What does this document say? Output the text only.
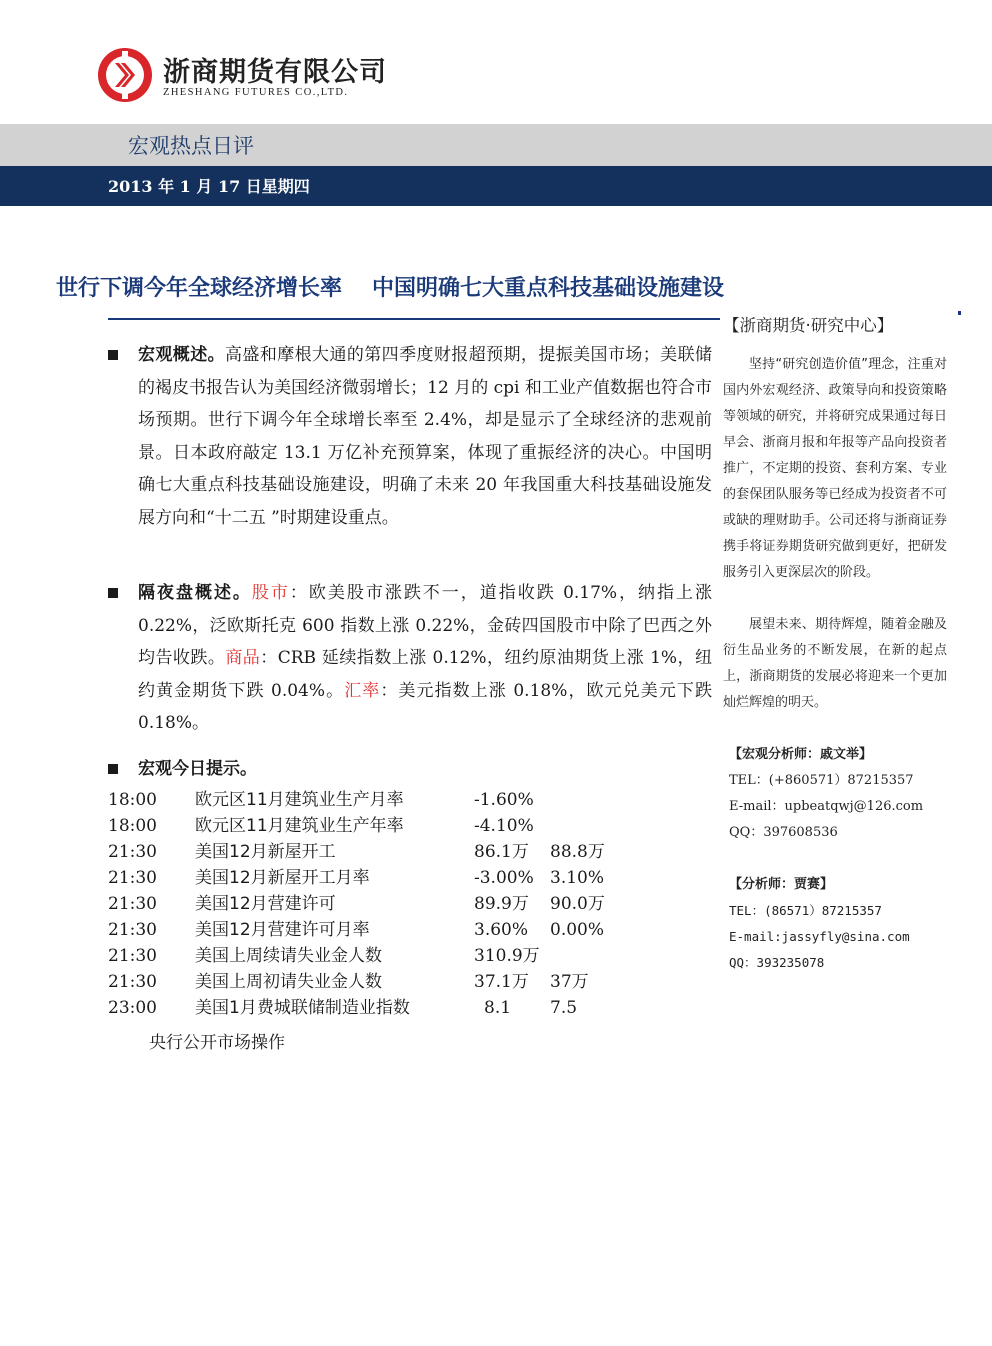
浙商期货有限公司
ZHESHANG FUTURES CO.,LTD.
宏观热点日评
2013 年 1 月 17 日星期四
世行下调今年全球经济增长率 中国明确七大重点科技基础设施建设
宏观概述。高盛和摩根大通的第四季度财报超预期，提振美国市场；美联储的褐皮书报告认为美国经济微弱增长；12 月的 cpi 和工业产值数据也符合市场预期。世行下调今年全球增长率至 2.4%，却是显示了全球经济的悲观前景。日本政府敲定 13.1 万亿补充预算案，体现了重振经济的决心。中国明确七大重点科技基础设施建设，明确了未来 20 年我国重大科技基础设施发展方向和“十二五 ”时期建设重点。
隔夜盘概述。股市：欧美股市涨跌不一，道指收跌 0.17%，纳指上涨 0.22%，泛欧斯托克 600 指数上涨 0.22%，金砖四国股市中除了巴西之外均告收跌。商品：CRB 延续指数上涨 0.12%，纽约原油期货上涨 1%，纽约黄金期货下跌 0.04%。汇率：美元指数上涨 0.18%，欧元兑美元下跌 0.18%。
宏观今日提示。
18:00 欧元区11月建筑业生产月率	-1.60%
18:00 欧元区11月建筑业生产年率	-4.10%
21:30 美国12月新屋开工	86.1万 88.8万
21:30 美国12月新屋开工月率	-3.00% 3.10%
21:30 美国12月营建许可	89.9万 90.0万
21:30 美国12月营建许可月率	3.60% 0.00%
21:30 美国上周续请失业金人数	310.9万
21:30 美国上周初请失业金人数	37.1万 37万
23:00 美国1月费城联储制造业指数	8.1 7.5
央行公开市场操作
【浙商期货·研究中心】
坚持“研究创造价值”理念，注重对国内外宏观经济、政策导向和投资策略等领域的研究，并将研究成果通过每日早会、浙商月报和年报等产品向投资者推广，不定期的投资、套利方案、专业的套保团队服务等已经成为投资者不可或缺的理财助手。公司还将与浙商证券携手将证券期货研究做到更好，把研发服务引入更深层次的阶段。
展望未来、期待辉煌，随着金融及衍生品业务的不断发展，在新的起点上，浙商期货的发展必将迎来一个更加灿烂辉煌的明天。
【宏观分析师：戚文举】
TEL：(+860571）87215357
E-mail：upbeatqwj@126.com
QQ：397608536
【分析师：贾赛】
TEL：(86571）87215357
E-mail:jassyfly@sina.com
QQ：393235078
